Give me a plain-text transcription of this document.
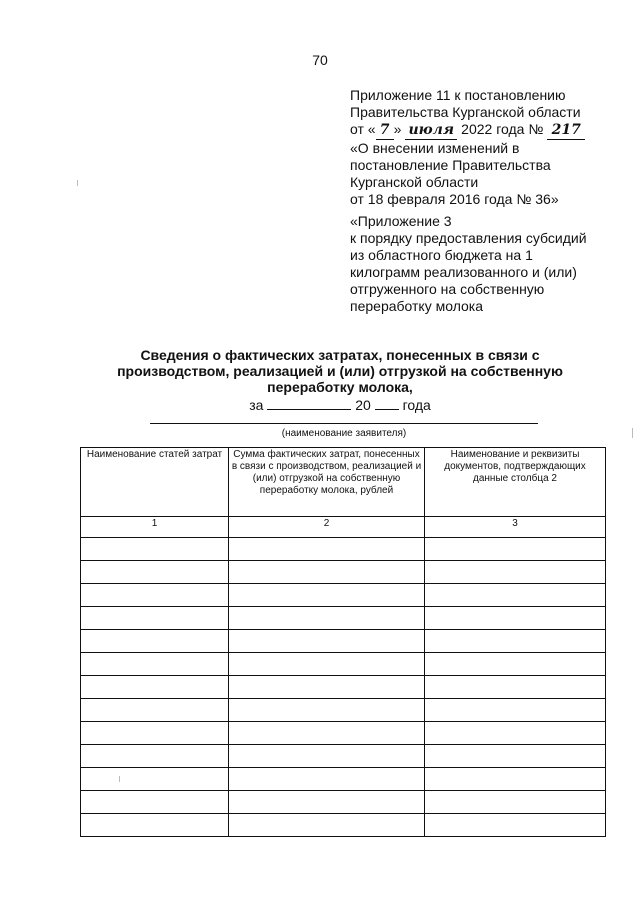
70
Приложение 11 к постановлению
Правительства Курганской области
от « 7 » июля 2022 года № 217
«О внесении изменений в
постановление Правительства
Курганской области
от 18 февраля 2016 года № 36»
«Приложение 3
к порядку предоставления субсидий
из областного бюджета на 1
килограмм реализованного и (или)
отгруженного на собственную
переработку молока
Сведения о фактических затратах, понесенных в связи с
производством, реализацией и (или) отгрузкой на собственную
переработку молока,
за	20 года
(наименование заявителя)
Наименование статей затрат	Сумма фактических затрат, понесенных в связи с производством, реализацией и (или) отгрузкой на собственную переработку молока, рублей	Наименование и реквизиты документов, подтверждающих данные столбца 2
1	2	3
